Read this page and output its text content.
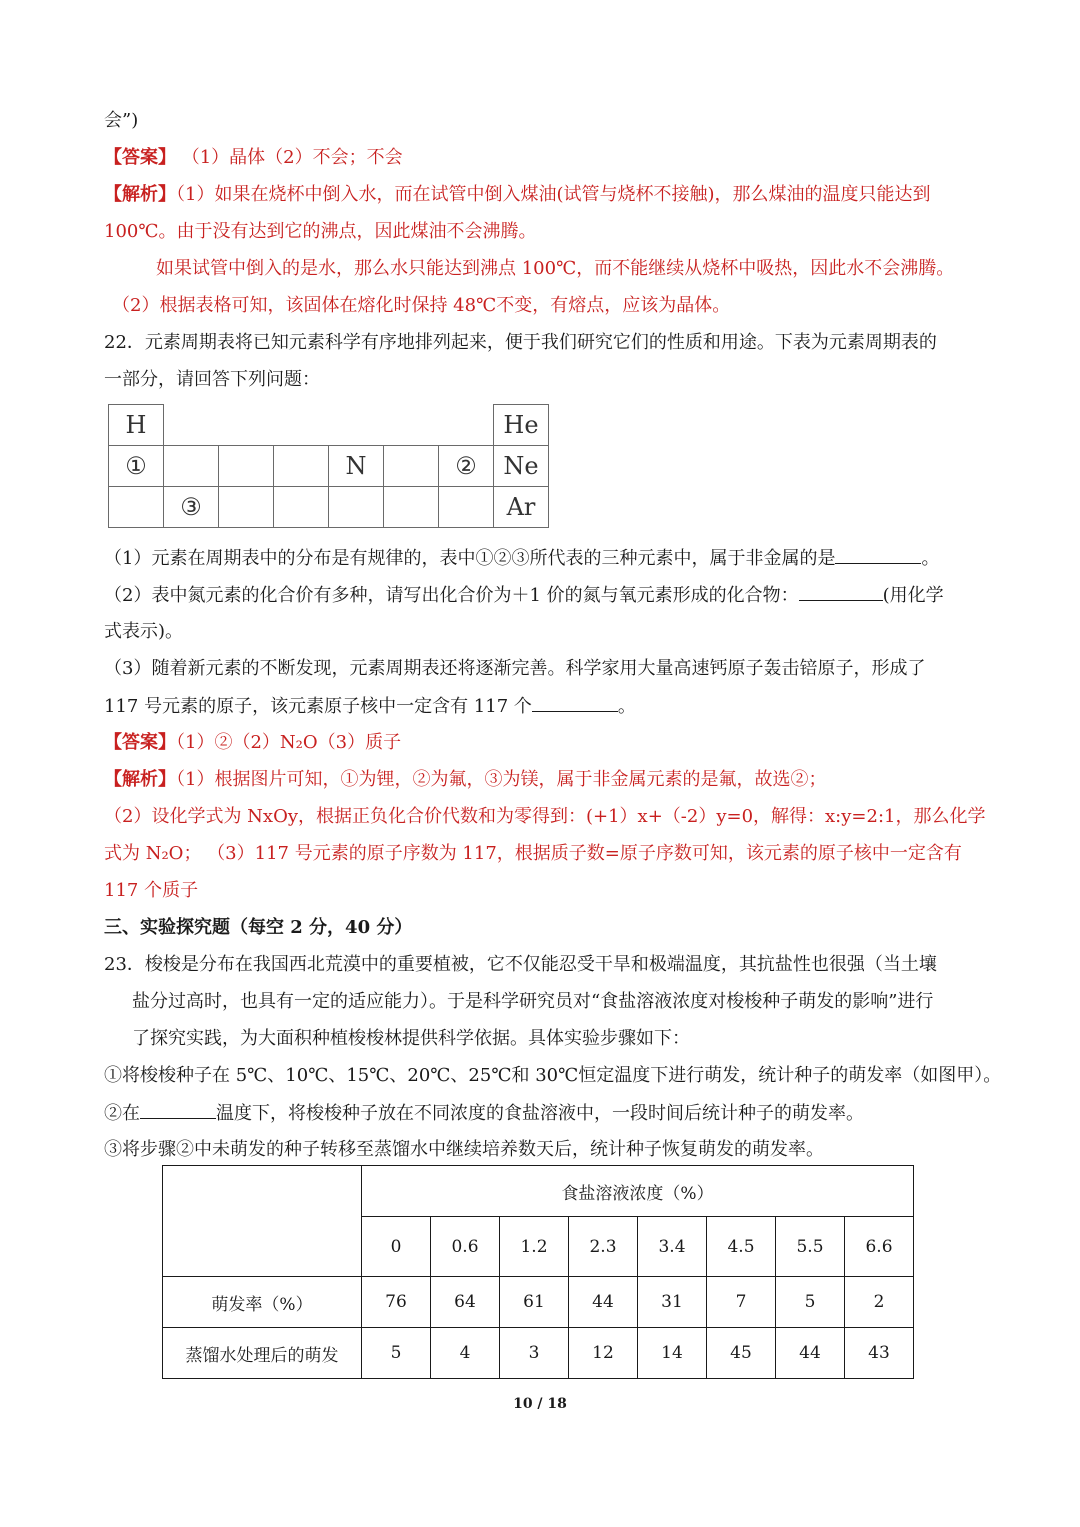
会”)
【答案】 （1）晶体（2）不会；不会
【解析】（1）如果在烧杯中倒入水，而在试管中倒入煤油(试管与烧杯不接触)，那么煤油的温度只能达到
100℃。由于没有达到它的沸点，因此煤油不会沸腾。
如果试管中倒入的是水，那么水只能达到沸点 100℃，而不能继续从烧杯中吸热，因此水不会沸腾。
（2）根据表格可知，该固体在熔化时保持 48℃不变，有熔点，应该为晶体。
22．元素周期表将已知元素科学有序地排列起来，便于我们研究它们的性质和用途。下表为元素周期表的
一部分，请回答下列问题：
H							He
①				N		②	Ne
	③						Ar
（1）元素在周期表中的分布是有规律的，表中①②③所代表的三种元素中，属于非金属的是	。
（2）表中氮元素的化合价有多种，请写出化合价为＋1 价的氮与氧元素形成的化合物：	(用化学
式表示)。
（3）随着新元素的不断发现，元素周期表还将逐渐完善。科学家用大量高速钙原子轰击锫原子，形成了
117 号元素的原子，该元素原子核中一定含有 117 个	。
【答案】（1）②（2）N₂O（3）质子
【解析】（1）根据图片可知，①为锂，②为氟，③为镁，属于非金属元素的是氟，故选②；
（2）设化学式为 NxOy，根据正负化合价代数和为零得到：(+1）x+（-2）y=0，解得：x:y=2:1，那么化学
式为 N₂O； （3）117 号元素的原子序数为 117，根据质子数=原子序数可知，该元素的原子核中一定含有
117 个质子
三、实验探究题（每空 2 分，40 分）
23．梭梭是分布在我国西北荒漠中的重要植被，它不仅能忍受干旱和极端温度，其抗盐性也很强（当土壤
盐分过高时，也具有一定的适应能力）。于是科学研究员对“食盐溶液浓度对梭梭种子萌发的影响”进行
了探究实践，为大面积种植梭梭林提供科学依据。具体实验步骤如下：
①将梭梭种子在 5℃、10℃、15℃、20℃、25℃和 30℃恒定温度下进行萌发，统计种子的萌发率（如图甲）。
②在	温度下，将梭梭种子放在不同浓度的食盐溶液中，一段时间后统计种子的萌发率。
③将步骤②中未萌发的种子转移至蒸馏水中继续培养数天后，统计种子恢复萌发的萌发率。
	食盐溶液浓度（%）							
	0	0.6	1.2	2.3	3.4	4.5	5.5	6.6
萌发率（%）	76	64	61	44	31	7	5	2
蒸馏水处理后的萌发	5	4	3	12	14	45	44	43
10 / 18
